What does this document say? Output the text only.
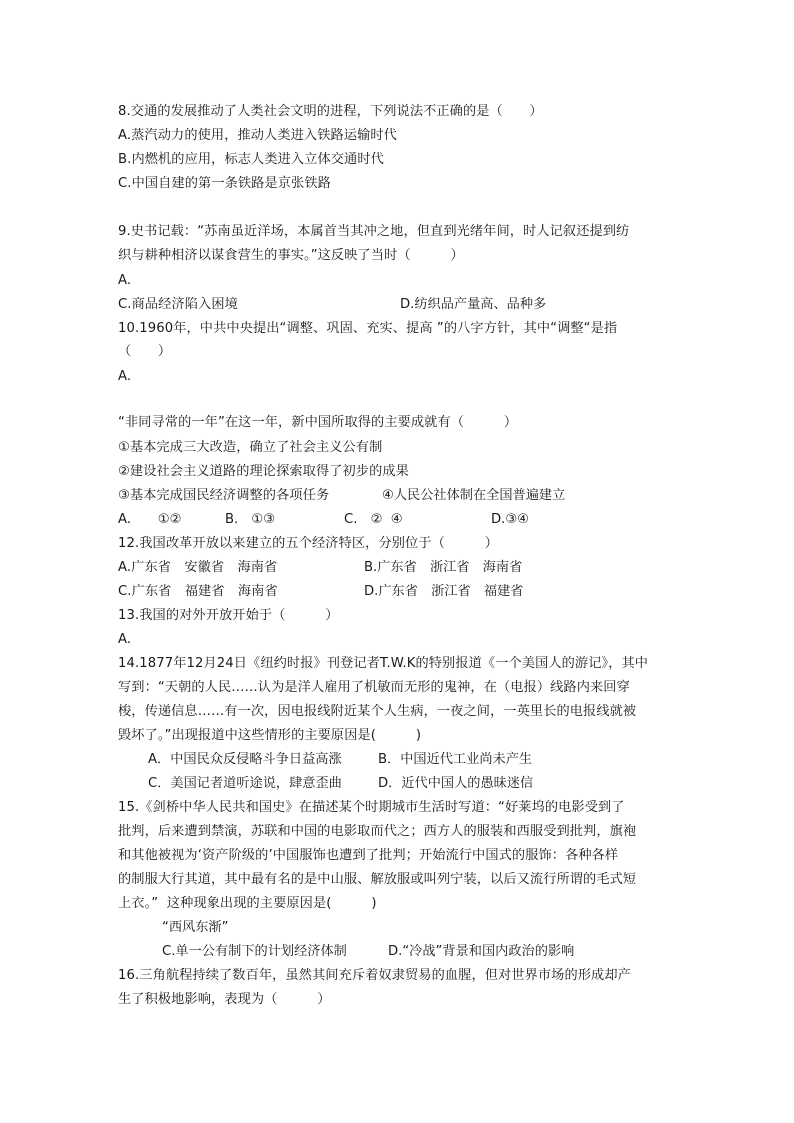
8.交通的发展推动了人类社会文明的进程，下列说法不正确的是（　　）
A.蒸汽动力的使用，推动人类进入铁路运输时代
B.内燃机的应用，标志人类进入立体交通时代
C.中国自建的第一条铁路是京张铁路
9.史书记载：“苏南虽近洋场，本属首当其冲之地，但直到光绪年间，时人记叙还提到纺
织与耕种相济以谋食营生的事实。”这反映了当时（　　　）
A.
C.商品经济陷入困境	D.纺织品产量高、品种多
10.1960年，中共中央提出“调整、巩固、充实、提高 ”的八字方针，其中“调整“是指
（　　）
A.
“非同寻常的一年”在这一年，新中国所取得的主要成就有（　　　）
①基本完成三大改造，确立了社会主义公有制
②建设社会主义道路的理论探索取得了初步的成果
③基本完成国民经济调整的各项任务	④人民公社体制在全国普遍建立
A.　　①②	B.　①③	C.　②  ④	D.③④
12.我国改革开放以来建立的五个经济特区，分别位于（　　　）
A.广东省　安徽省　海南省	B.广东省　浙江省　海南省
C.广东省　福建省　海南省	D.广东省　浙江省　福建省
13.我国的对外开放开始于（　　　）
A.
14.1877年12月24日《纽约时报》刊登记者T.W.K的特别报道《一个美国人的游记》，其中
写到：“天朝的人民……认为是洋人雇用了机敏而无形的鬼神，在（电报）线路内来回穿
梭，传递信息……有一次，因电报线附近某个人生病，一夜之间，一英里长的电报线就被
毁坏了。”出现报道中这些情形的主要原因是(　　　)
A．中国民众反侵略斗争日益高涨	B．中国近代工业尚未产生
C．美国记者道听途说，肆意歪曲	D．近代中国人的愚昧迷信
15.《剑桥中华人民共和国史》在描述某个时期城市生活时写道：“好莱坞的电影受到了
批判，后来遭到禁演，苏联和中国的电影取而代之；西方人的服装和西服受到批判，旗袍
和其他被视为‘资产阶级的’中国服饰也遭到了批判；开始流行中国式的服饰：各种各样
的制服大行其道，其中最有名的是中山服、解放服或叫列宁装，以后又流行所谓的毛式短
上衣。”  这种现象出现的主要原因是(　　　)
“西风东渐”
C.单一公有制下的计划经济体制	D.“冷战”背景和国内政治的影响
16.三角航程持续了数百年，虽然其间充斥着奴隶贸易的血腥，但对世界市场的形成却产
生了积极地影响，表现为（　　　）
